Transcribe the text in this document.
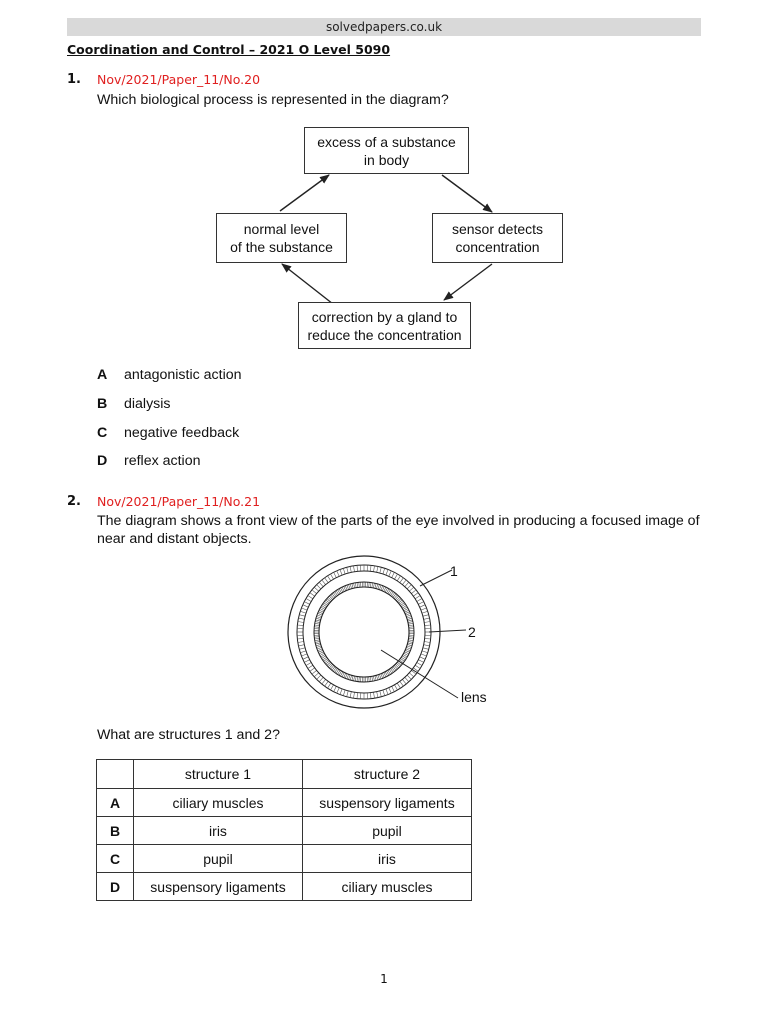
solvedpapers.co.uk
Coordination and Control – 2021 O Level 5090
1. Nov/2021/Paper_11/No.20
Which biological process is represented in the diagram?
excess of a substance
in body
sensor detects
concentration
correction by a gland to
reduce the concentration
normal level
of the substance
A antagonistic action
B dialysis
C negative feedback
D reflex action
2. Nov/2021/Paper_11/No.21
The diagram shows a front view of the parts of the eye involved in producing a focused image of near and distant objects.
1
2
lens
What are structures 1 and 2?
	structure 1	structure 2
A	ciliary muscles	suspensory ligaments
B	iris	pupil
C	pupil	iris
D	suspensory ligaments	ciliary muscles
1
